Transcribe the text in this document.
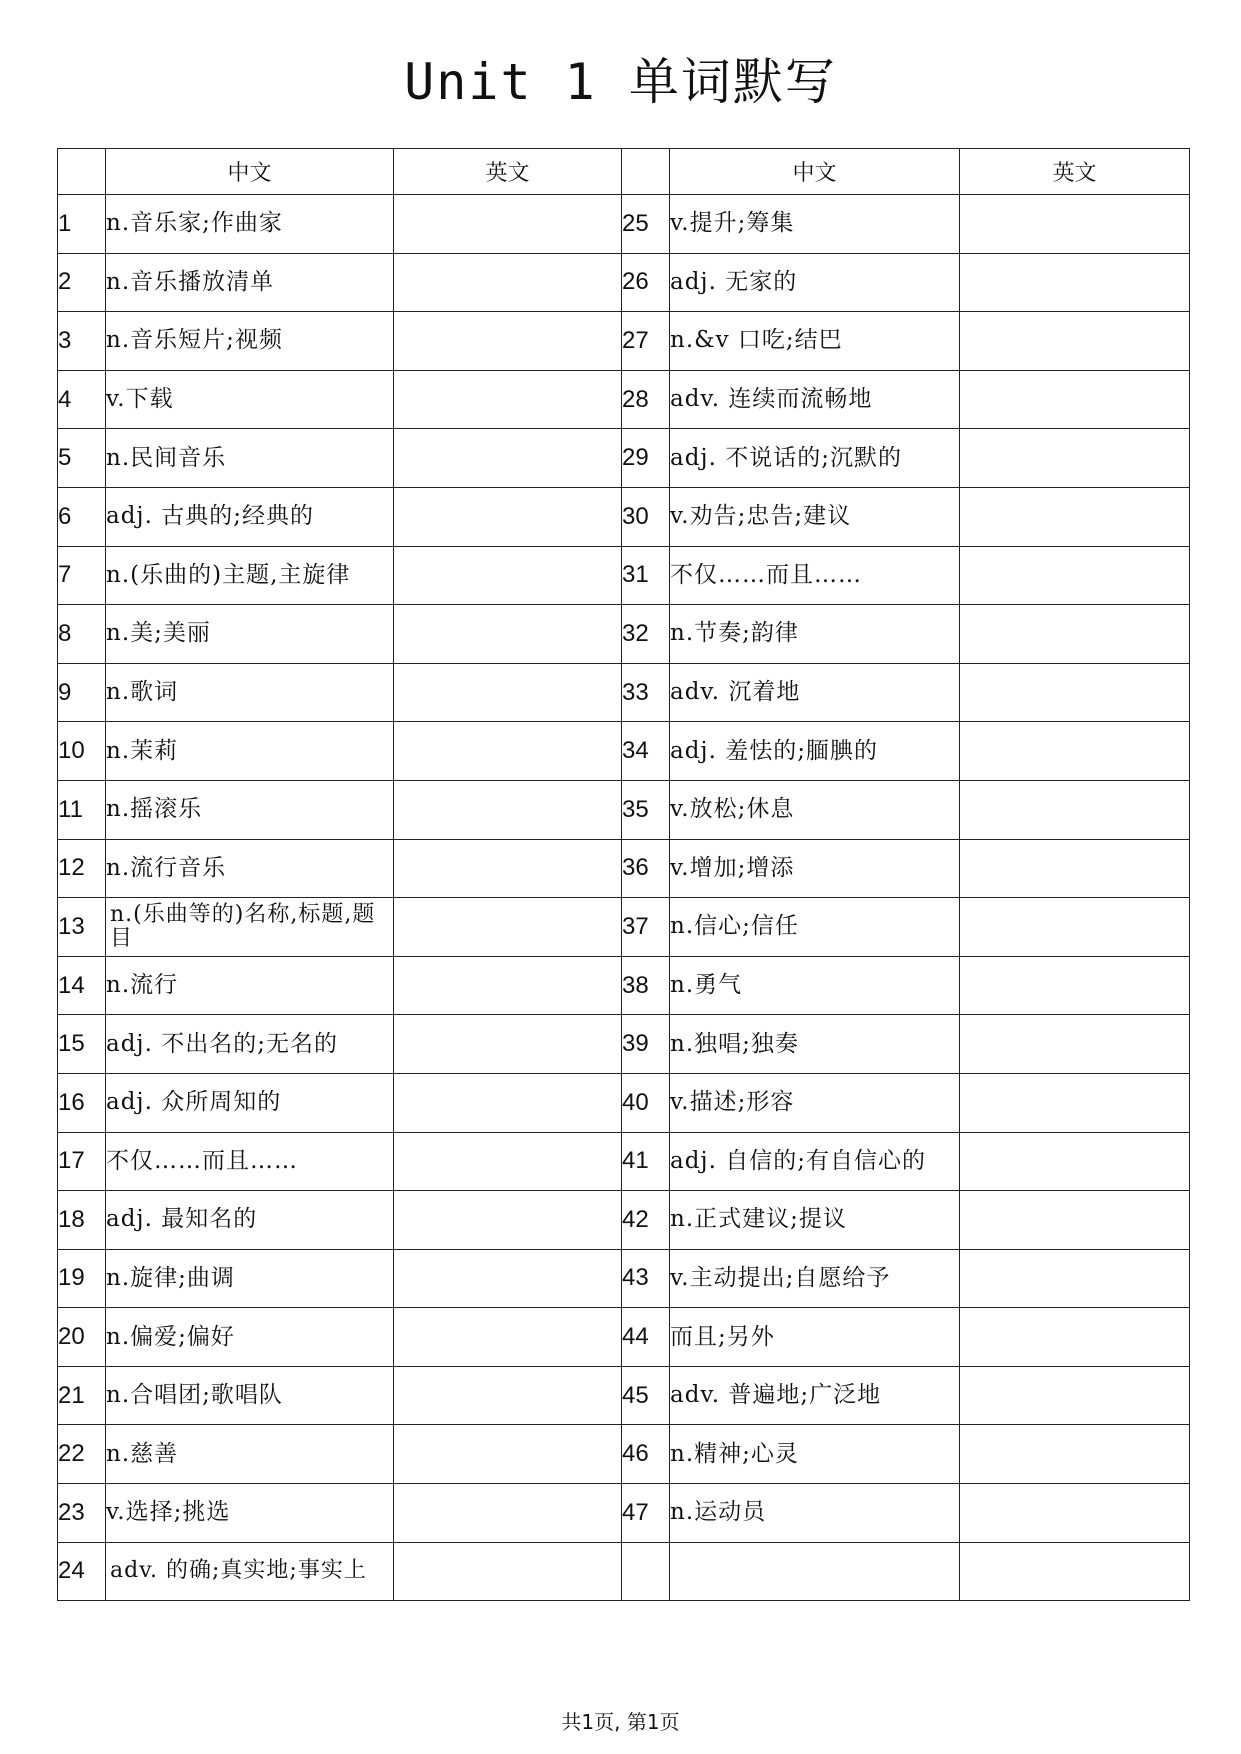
Unit 1 单词默写
	中文	英文		中文	英文
1	n.音乐家;作曲家		25	v.提升;筹集	
2	n.音乐播放清单		26	adj. 无家的	
3	n.音乐短片;视频		27	n.&v 口吃;结巴	
4	v.下载		28	adv. 连续而流畅地	
5	n.民间音乐		29	adj. 不说话的;沉默的	
6	adj. 古典的;经典的		30	v.劝告;忠告;建议	
7	n.(乐曲的)主题,主旋律		31	不仅……而且……	
8	n.美;美丽		32	n.节奏;韵律	
9	n.歌词		33	adv. 沉着地	
10	n.茉莉		34	adj. 羞怯的;腼腆的	
11	n.摇滚乐		35	v.放松;休息	
12	n.流行音乐		36	v.增加;增添	
13	n.(乐曲等的)名称,标题,题目		37	n.信心;信任	
14	n.流行		38	n.勇气	
15	adj. 不出名的;无名的		39	n.独唱;独奏	
16	adj. 众所周知的		40	v.描述;形容	
17	不仅……而且……		41	adj. 自信的;有自信心的	
18	adj. 最知名的		42	n.正式建议;提议	
19	n.旋律;曲调		43	v.主动提出;自愿给予	
20	n.偏爱;偏好		44	而且;另外	
21	n.合唱团;歌唱队		45	adv. 普遍地;广泛地	
22	n.慈善		46	n.精神;心灵	
23	v.选择;挑选		47	n.运动员	
24	adv. 的确;真实地;事实上				
共1页, 第1页
